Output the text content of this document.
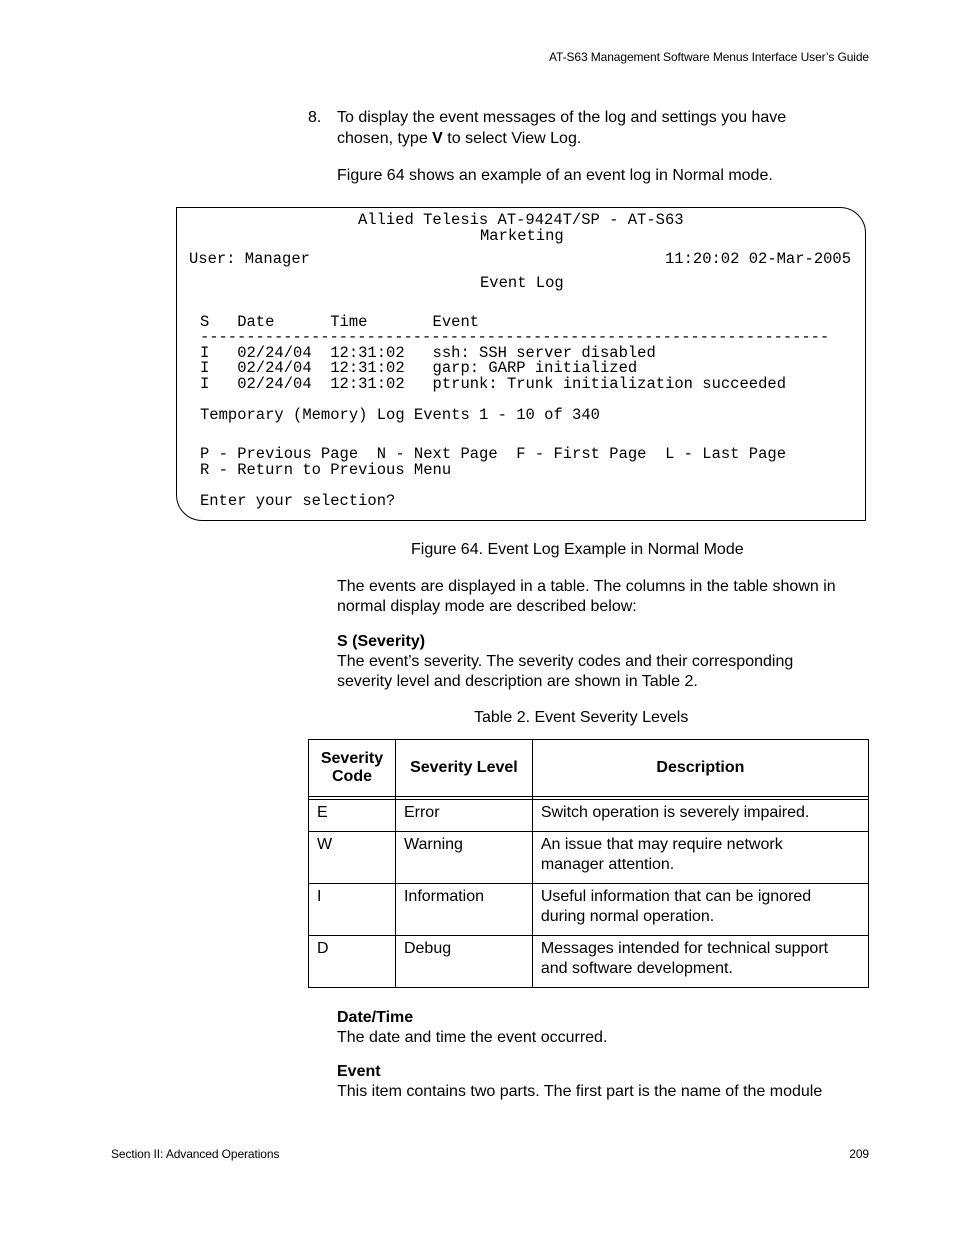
AT-S63 Management Software Menus Interface User’s Guide
8. To display the event messages of the log and settings you have
chosen, type V to select View Log.
Figure 64 shows an example of an event log in Normal mode.
Allied Telesis AT-9424T/SP - AT-S63
Marketing
User: Manager	11:20:02 02-Mar-2005
Event Log
S   Date      Time       Event
--------------------------------------------------------------------
I   02/24/04  12:31:02   ssh: SSH server disabled
I   02/24/04  12:31:02   garp: GARP initialized
I   02/24/04  12:31:02   ptrunk: Trunk initialization succeeded
Temporary (Memory) Log Events 1 - 10 of 340
P - Previous Page  N - Next Page  F - First Page  L - Last Page
R - Return to Previous Menu
Enter your selection?
Figure 64. Event Log Example in Normal Mode
The events are displayed in a table. The columns in the table shown in
normal display mode are described below:
S (Severity)
The event’s severity. The severity codes and their corresponding
severity level and description are shown in Table 2.
Table 2. Event Severity Levels
Severity
Code	Severity Level	Description

E	Error	Switch operation is severely impaired.
W	Warning	An issue that may require network
manager attention.
I	Information	Useful information that can be ignored
during normal operation.
D	Debug	Messages intended for technical support
and software development.
Date/Time
The date and time the event occurred.
Event
This item contains two parts. The first part is the name of the module
Section II: Advanced Operations	209
